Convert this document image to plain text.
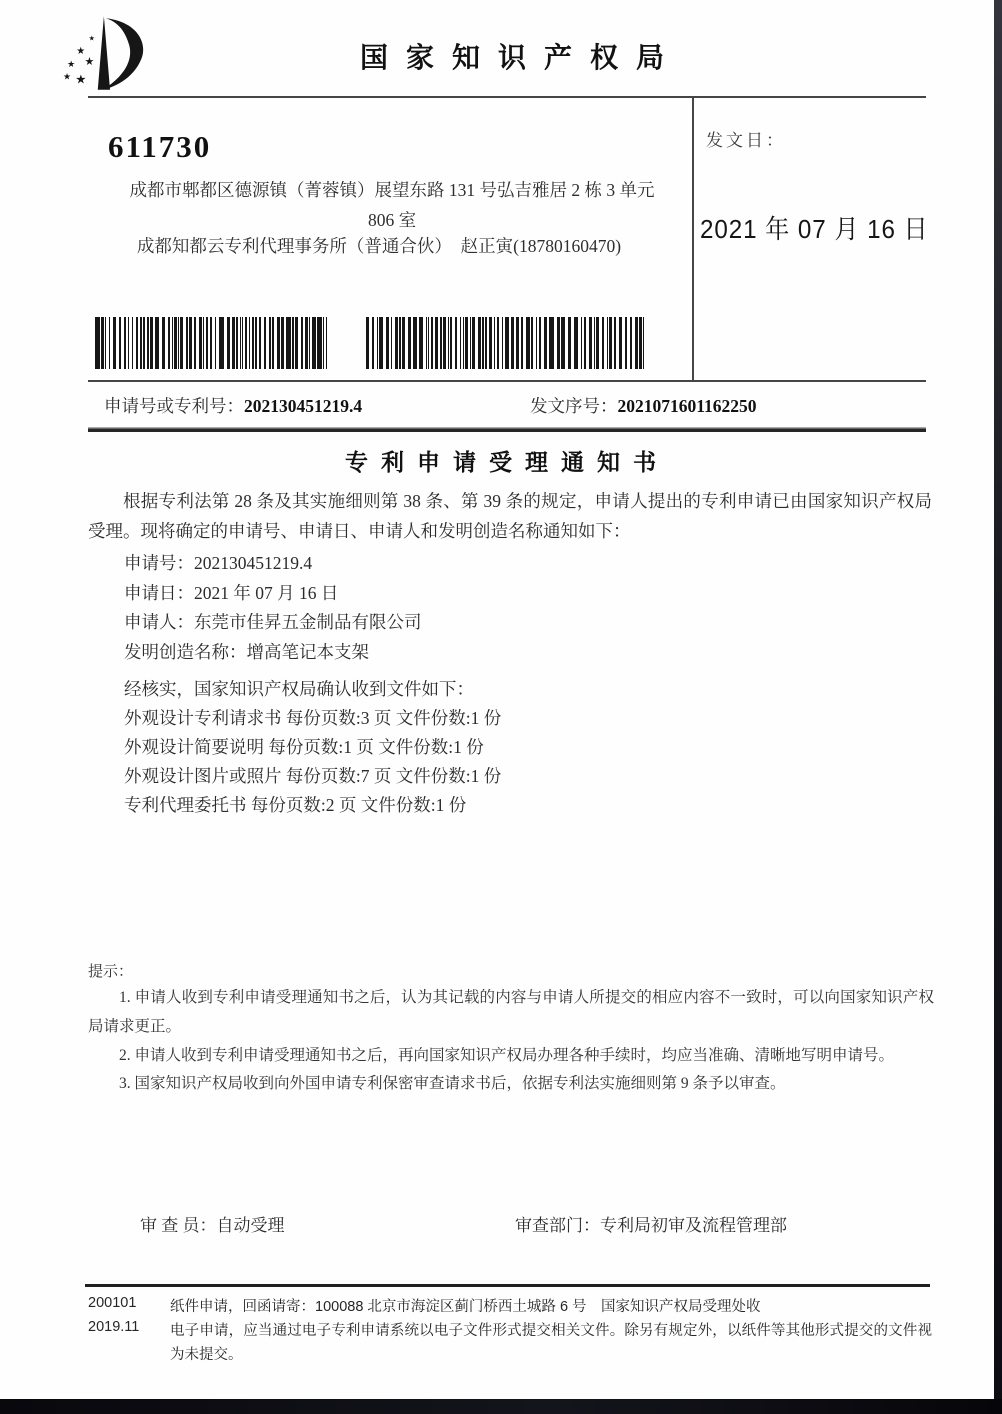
★
★
★
★
★ ★
国家知识产权局
611730
成都市郫都区德源镇（菁蓉镇）展望东路 131 号弘吉雅居 2 栋 3 单元
806 室
成都知都云专利代理事务所（普通合伙）　赵正寅(18780160470)
发文日：
2021 年 07 月 16 日
申请号或专利号：202130451219.4	发文序号：2021071601162250
专利申请受理通知书

根据专利法第 28 条及其实施细则第 38 条、第 39 条的规定，申请人提出的专利申请已由国家知识产权局受理。现将确定的申请号、申请日、申请人和发明创造名称通知如下：

申请号：202130451219.4
申请日：2021 年 07 月 16 日
申请人：东莞市佳昇五金制品有限公司
发明创造名称：增高笔记本支架
经核实，国家知识产权局确认收到文件如下：
外观设计专利请求书 每份页数:3 页 文件份数:1 份
外观设计简要说明 每份页数:1 页 文件份数:1 份
外观设计图片或照片 每份页数:7 页 文件份数:1 份
专利代理委托书 每份页数:2 页 文件份数:1 份
提示：

1. 申请人收到专利申请受理通知书之后，认为其记载的内容与申请人所提交的相应内容不一致时，可以向国家知识产权局请求更正。

2. 申请人收到专利申请受理通知书之后，再向国家知识产权局办理各种手续时，均应当准确、清晰地写明申请号。

3. 国家知识产权局收到向外国申请专利保密审查请求书后，依据专利法实施细则第 9 条予以审查。

审 查 员：自动受理	审查部门：专利局初审及流程管理部
200101 纸件申请，回函请寄：100088 北京市海淀区蓟门桥西土城路 6 号　国家知识产权局受理处收
2019.11 电子申请，应当通过电子专利申请系统以电子文件形式提交相关文件。除另有规定外，以纸件等其他形式提交的文件视为未提交。
